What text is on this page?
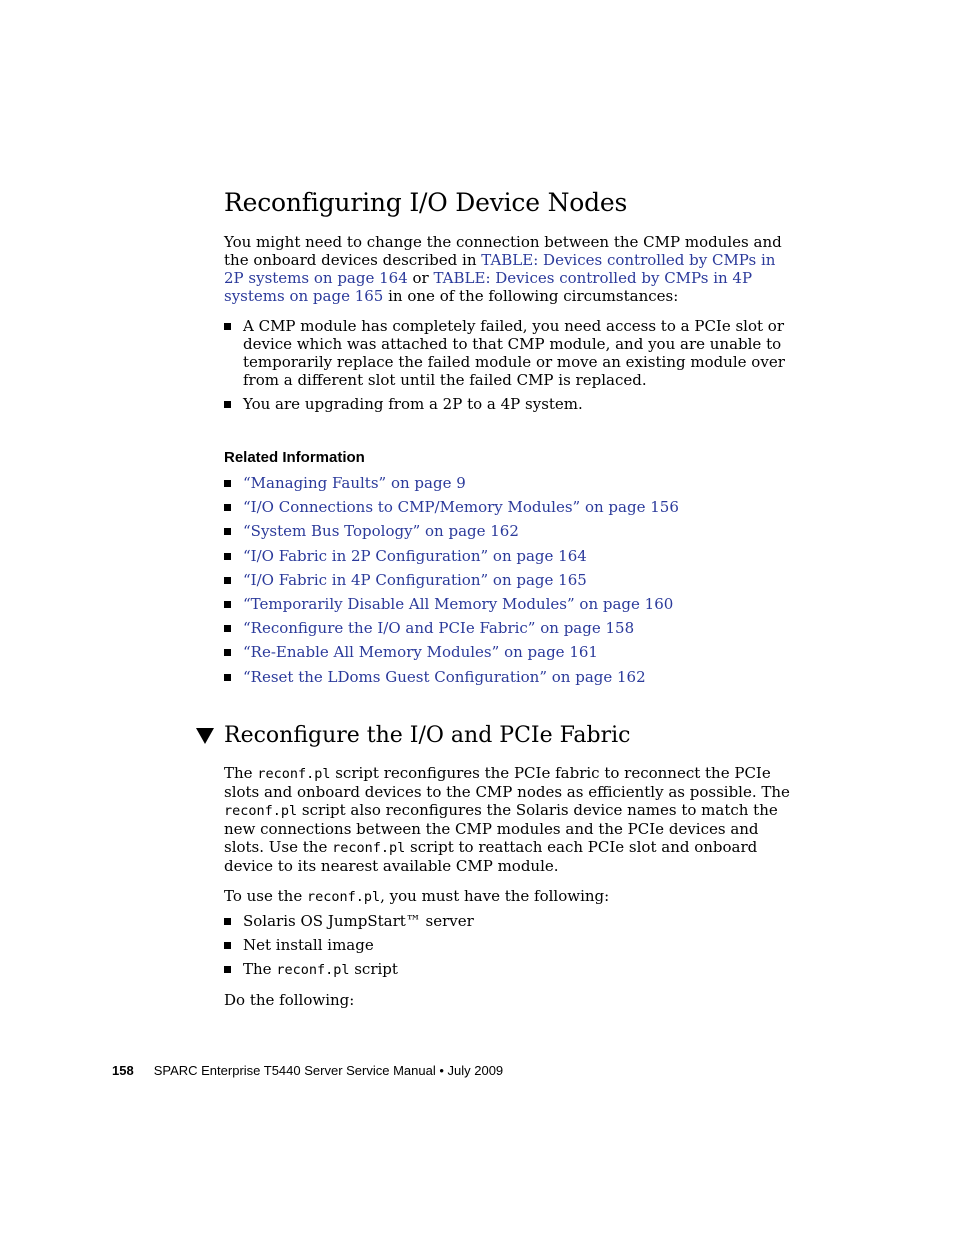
Reconfiguring I/O Device Nodes

You might need to change the connection between the CMP modules and the onboard devices described in TABLE: Devices controlled by CMPs in 2P systems on page 164 or TABLE: Devices controlled by CMPs in 4P systems on page 165 in one of the following circumstances:

A CMP module has completely failed, you need access to a PCIe slot or device which was attached to that CMP module, and you are unable to temporarily replace the failed module or move an existing module over from a different slot until the failed CMP is replaced.
You are upgrading from a 2P to a 4P system.
Related Information
“Managing Faults” on page 9
“I/O Connections to CMP/Memory Modules” on page 156
“System Bus Topology” on page 162
“I/O Fabric in 2P Configuration” on page 164
“I/O Fabric in 4P Configuration” on page 165
“Temporarily Disable All Memory Modules” on page 160
“Reconfigure the I/O and PCIe Fabric” on page 158
“Re-Enable All Memory Modules” on page 161
“Reset the LDoms Guest Configuration” on page 162
Reconfigure the I/O and PCIe Fabric

The reconf.pl script reconfigures the PCIe fabric to reconnect the PCIe slots and onboard devices to the CMP nodes as efficiently as possible. The reconf.pl script also reconfigures the Solaris device names to match the new connections between the CMP modules and the PCIe devices and slots. Use the reconf.pl script to reattach each PCIe slot and onboard device to its nearest available CMP module.

To use the reconf.pl, you must have the following:

Solaris OS JumpStart™ server
Net install image
The reconf.pl script

Do the following:

158 SPARC Enterprise T5440 Server Service Manual • July 2009
